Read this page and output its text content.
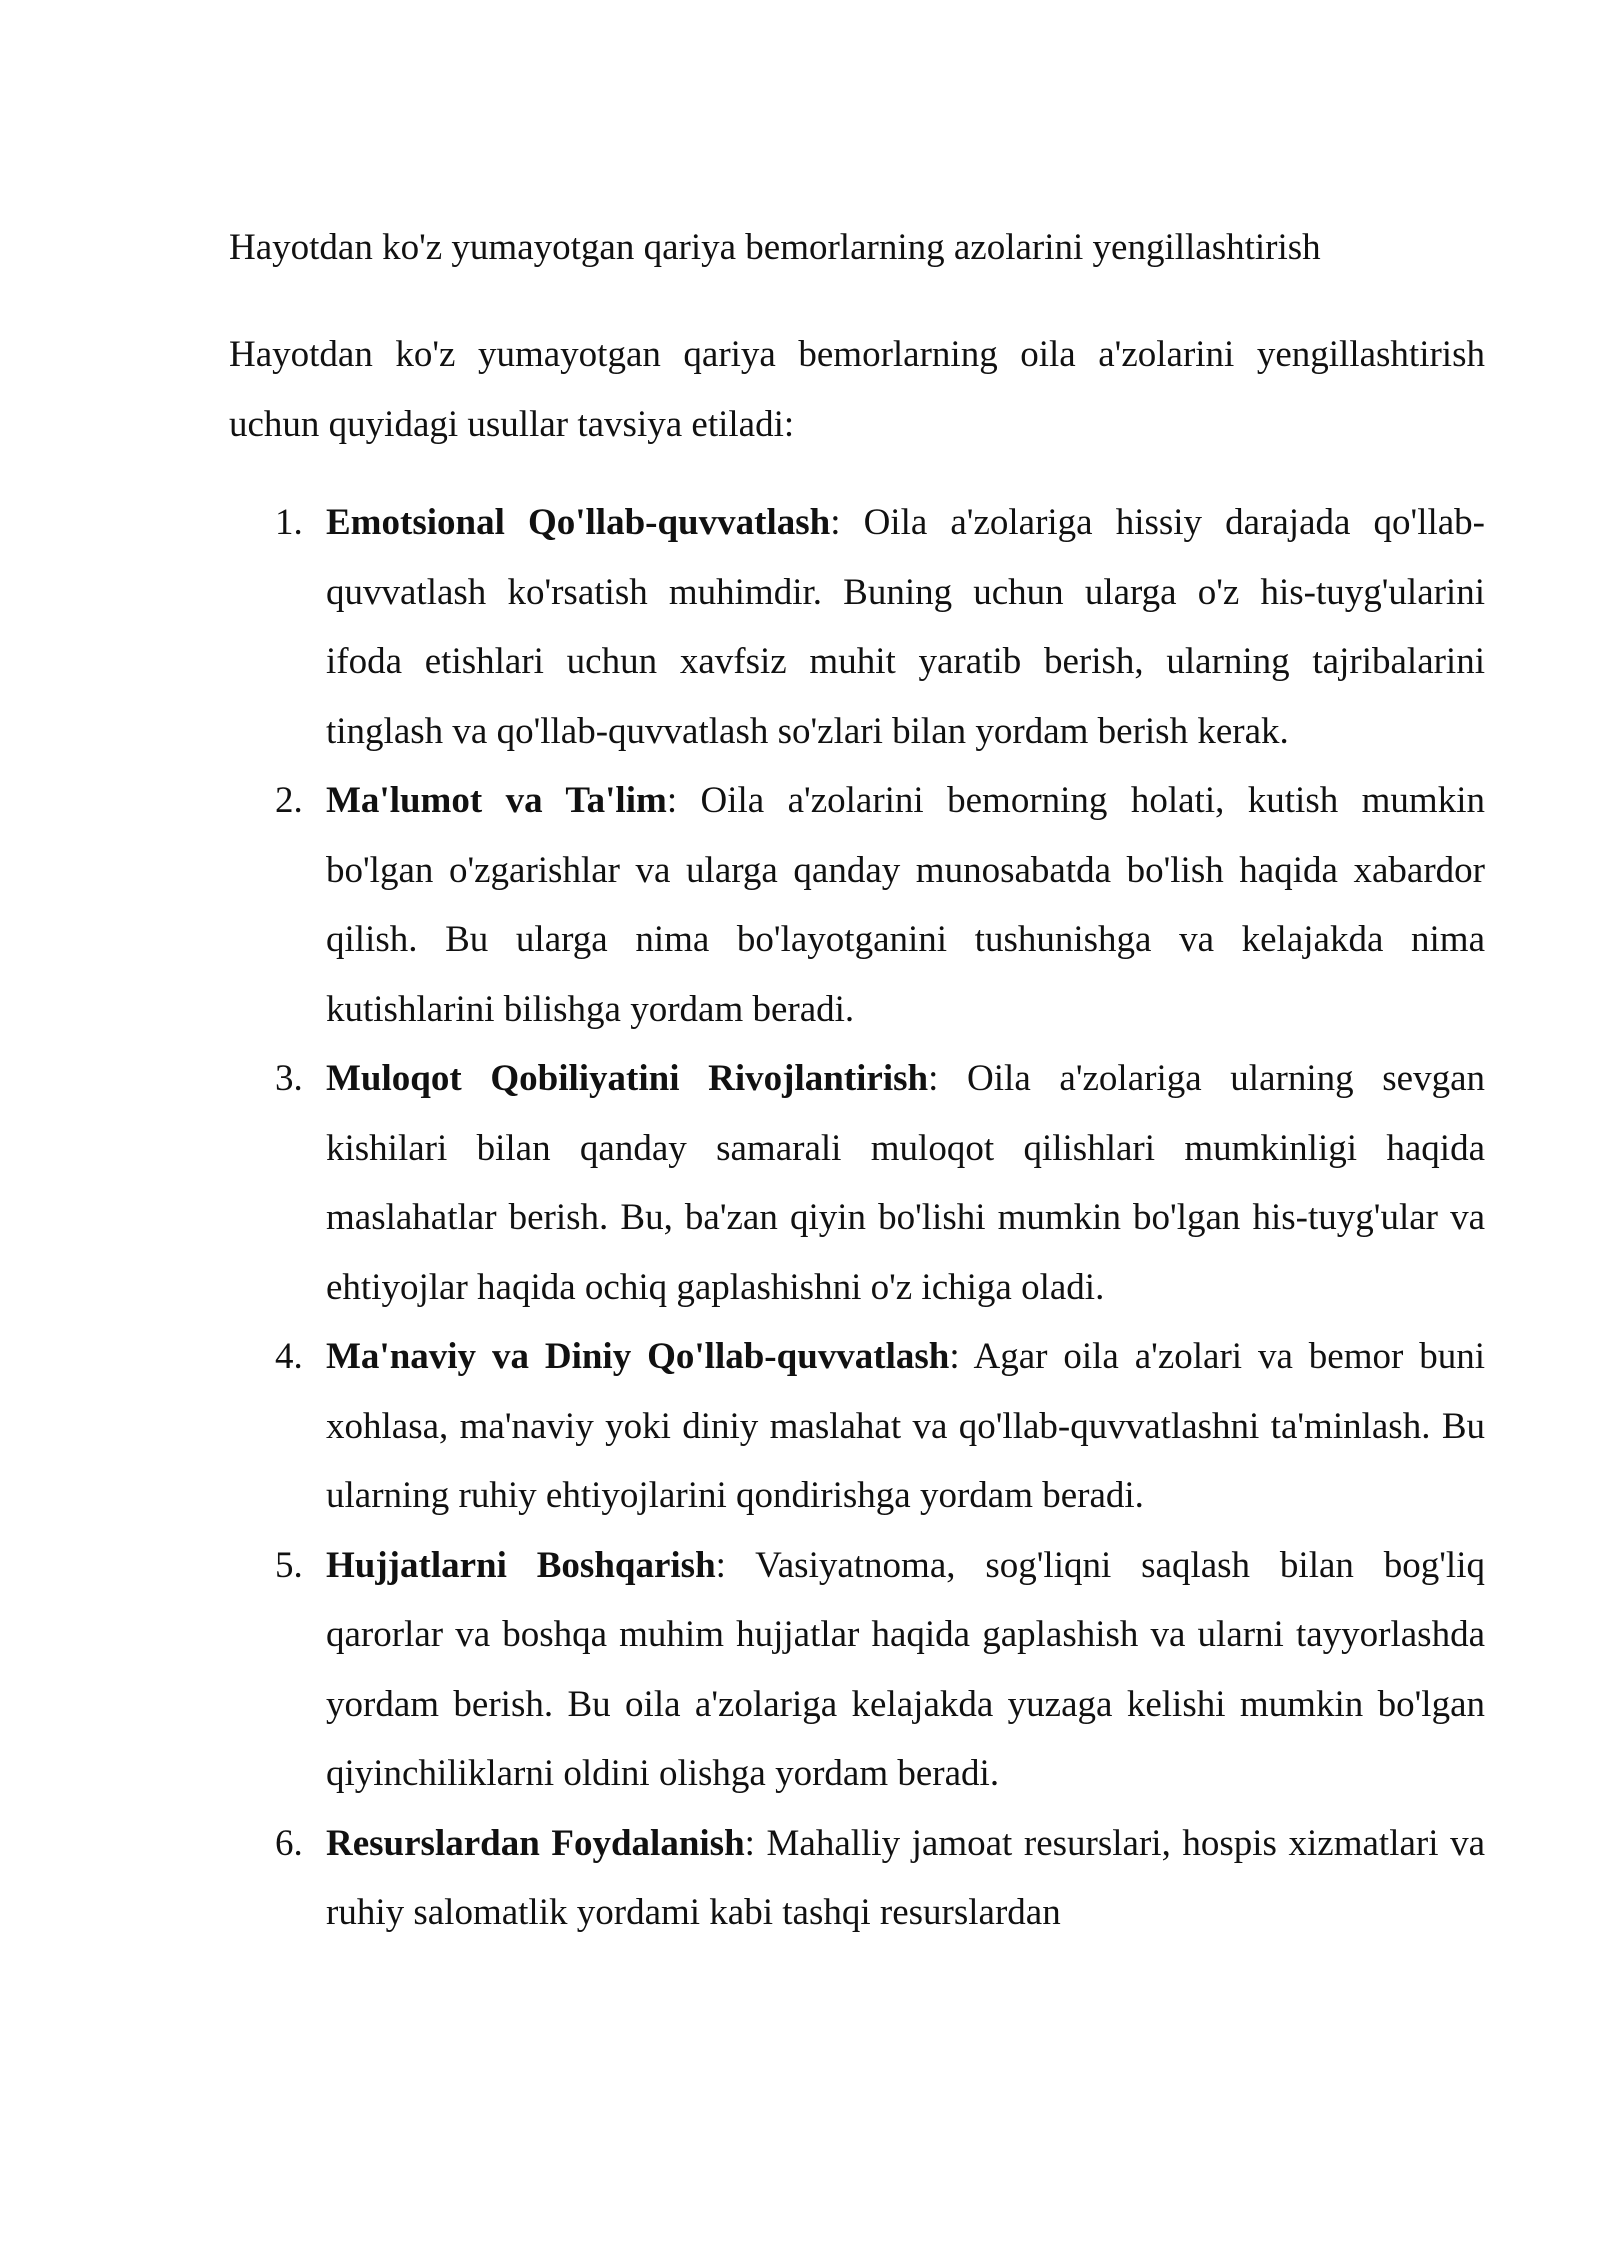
Hayotdan ko'z yumayotgan qariya bemorlarning azolarini yengillashtirish

Hayotdan ko'z yumayotgan qariya bemorlarning oila a'zolarini yengillashtirish uchun quyidagi usullar tavsiya etiladi:

1. Emotsional Qo'llab-quvvatlash: Oila a'zolariga hissiy darajada qo'llab-quvvatlash ko'rsatish muhimdir. Buning uchun ularga o'z his-tuyg'ularini ifoda etishlari uchun xavfsiz muhit yaratib berish, ularning tajribalarini tinglash va qo'llab-quvvatlash so'zlari bilan yordam berish kerak.
2. Ma'lumot va Ta'lim: Oila a'zolarini bemorning holati, kutish mumkin bo'lgan o'zgarishlar va ularga qanday munosabatda bo'lish haqida xabardor qilish. Bu ularga nima bo'layotganini tushunishga va kelajakda nima kutishlarini bilishga yordam beradi.
3. Muloqot Qobiliyatini Rivojlantirish: Oila a'zolariga ularning sevgan kishilari bilan qanday samarali muloqot qilishlari mumkinligi haqida maslahatlar berish. Bu, ba'zan qiyin bo'lishi mumkin bo'lgan his-tuyg'ular va ehtiyojlar haqida ochiq gaplashishni o'z ichiga oladi.
4. Ma'naviy va Diniy Qo'llab-quvvatlash: Agar oila a'zolari va bemor buni xohlasa, ma'naviy yoki diniy maslahat va qo'llab-quvvatlashni ta'minlash. Bu ularning ruhiy ehtiyojlarini qondirishga yordam beradi.
5. Hujjatlarni Boshqarish: Vasiyatnoma, sog'liqni saqlash bilan bog'liq qarorlar va boshqa muhim hujjatlar haqida gaplashish va ularni tayyorlashda yordam berish. Bu oila a'zolariga kelajakda yuzaga kelishi mumkin bo'lgan qiyinchiliklarni oldini olishga yordam beradi.
6. Resurslardan Foydalanish: Mahalliy jamoat resurslari, hospis xizmatlari va ruhiy salomatlik yordami kabi tashqi resurslardan
